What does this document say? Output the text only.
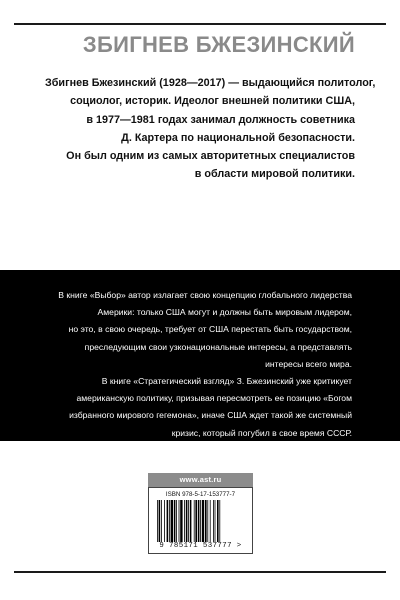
ЗБИГНЕВ БЖЕЗИНСКИЙ
Збигнев Бжезинский (1928—2017) — выдающийся политолог,
социолог, историк. Идеолог внешней политики США,
в 1977—1981 годах занимал должность советника
Д. Картера по национальной безопасности.
Он был одним из самых авторитетных специалистов
в области мировой политики.
В книге «Выбор» автор излагает свою концепцию глобального лидерства
Америки: только США могут и должны быть мировым лидером,
но это, в свою очередь, требует от США перестать быть государством,
преследующим свои узконациональные интересы, а представлять
интересы всего мира.
В книге «Стратегический взгляд» З. Бжезинский уже критикует
американскую политику, призывая пересмотреть ее позицию «Богом
избранного мирового гегемона», иначе США ждет такой же системный
кризис, который погубил в свое время СССР.
www.ast.ru
ISBN 978-5-17-153777-7
9 785171 537777 >
